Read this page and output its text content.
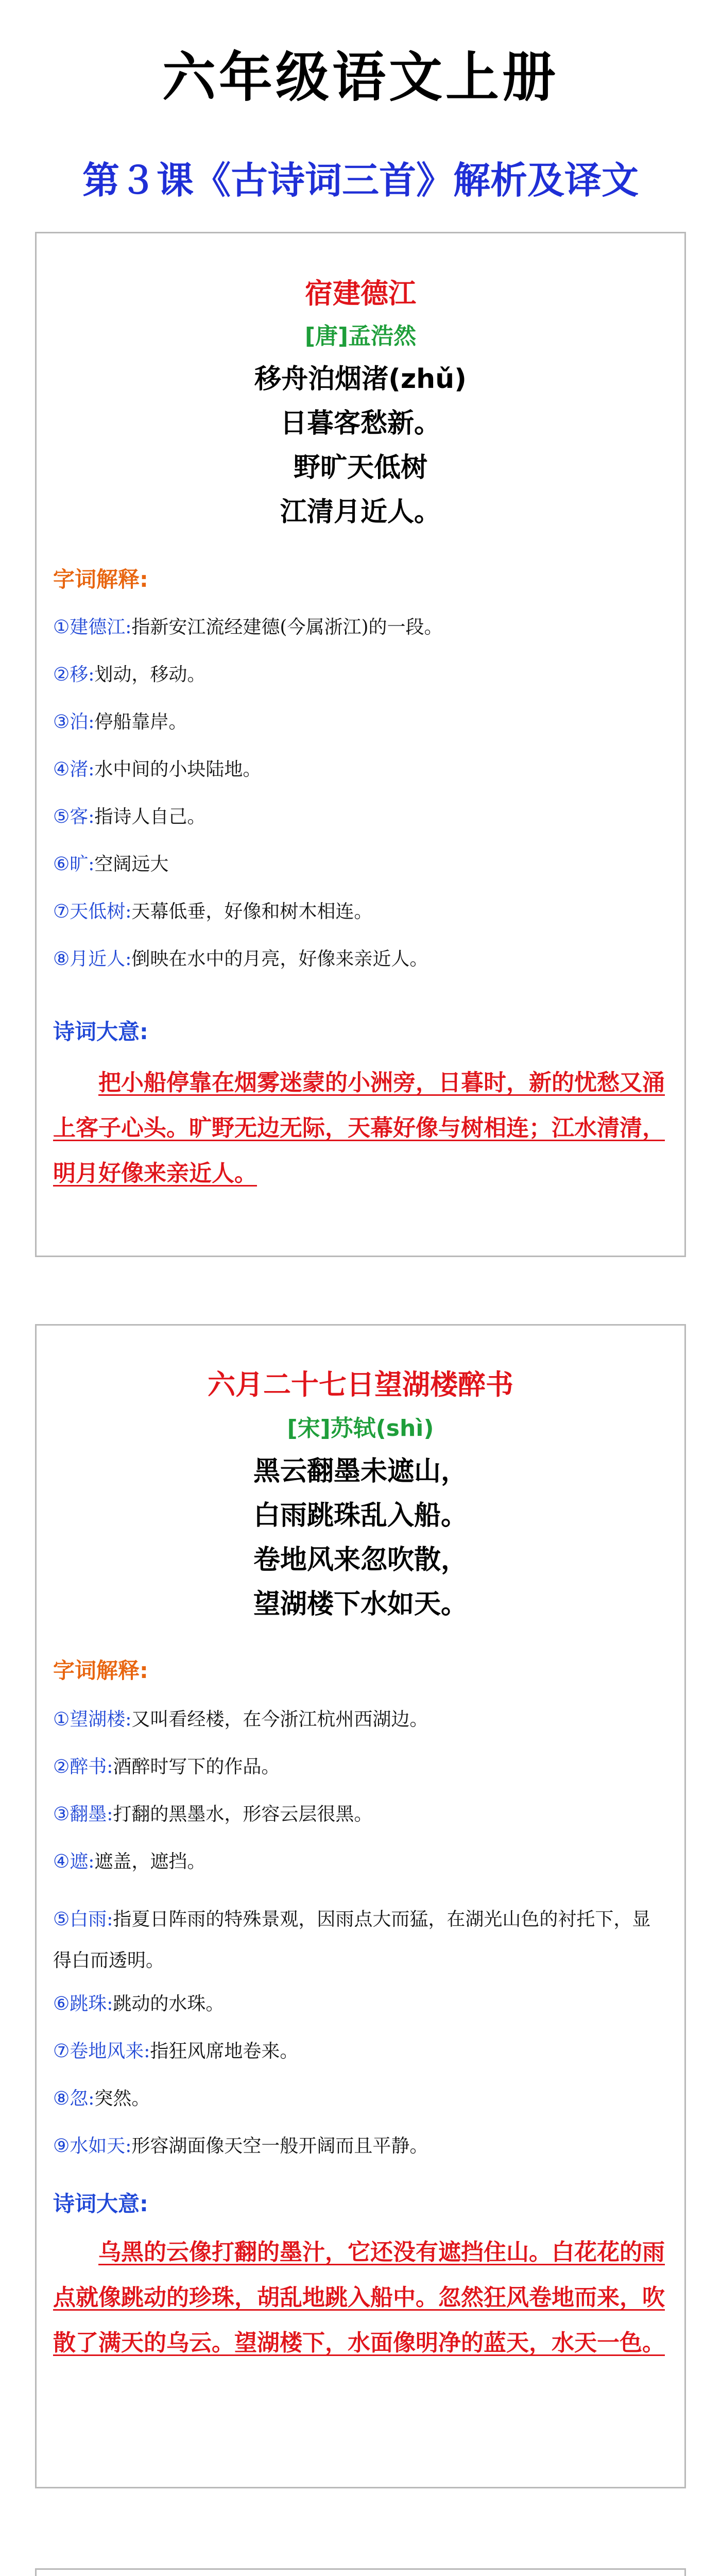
六年级语文上册
第３课《古诗词三首》解析及译文
宿建德江
[唐]孟浩然
移舟泊烟渚(zhǔ)
日暮客愁新。
野旷天低树
江清月近人。
字词解释:
①建德江:指新安江流经建德(今属浙江)的一段。
②移:划动，移动。
③泊:停船靠岸。
④渚:水中间的小块陆地。
⑤客:指诗人自己。
⑥旷:空阔远大
⑦天低树:天幕低垂，好像和树木相连。
⑧月近人:倒映在水中的月亮，好像来亲近人。
诗词大意:

把小船停靠在烟雾迷蒙的小洲旁，日暮时，新的忧愁又涌上客子心头。旷野无边无际，天幕好像与树相连；江水清清，明月好像来亲近人。

六月二十七日望湖楼醉书
[宋]苏轼(shì)
黑云翻墨未遮山，
白雨跳珠乱入船。
卷地风来忽吹散，
望湖楼下水如天。
字词解释:
①望湖楼:又叫看经楼，在今浙江杭州西湖边。
②醉书:酒醉时写下的作品。
③翻墨:打翻的黑墨水，形容云层很黑。
④遮:遮盖，遮挡。
⑤白雨:指夏日阵雨的特殊景观，因雨点大而猛，在湖光山色的衬托下，显得白而透明。
⑥跳珠:跳动的水珠。
⑦卷地风来:指狂风席地卷来。
⑧忽:突然。
⑨水如天:形容湖面像天空一般开阔而且平静。
诗词大意:

乌黑的云像打翻的墨汁，它还没有遮挡住山。白花花的雨点就像跳动的珍珠，胡乱地跳入船中。忽然狂风卷地而来，吹散了满天的乌云。望湖楼下，水面像明净的蓝天，水天一色。
